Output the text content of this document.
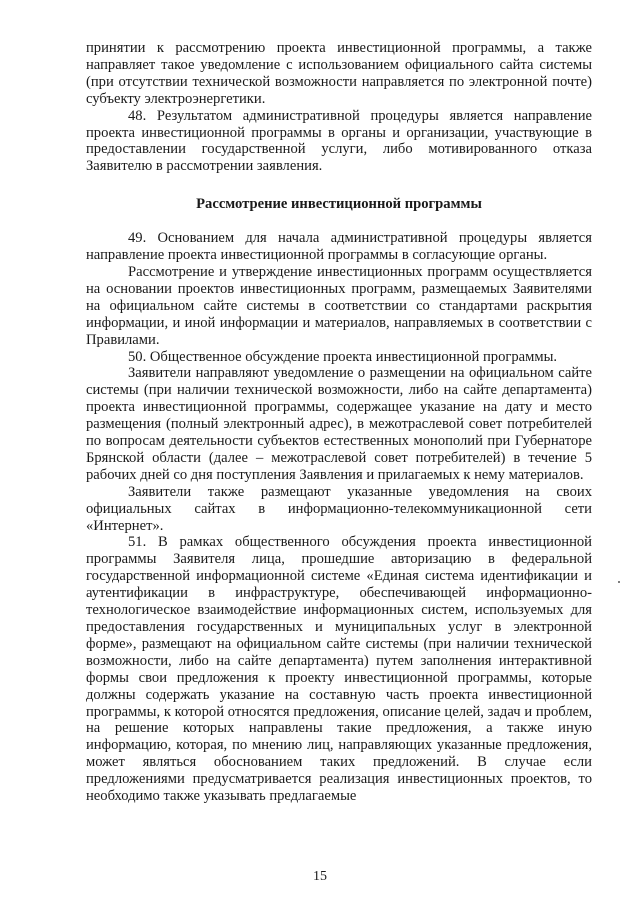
принятии к рассмотрению проекта инвестиционной программы, а также направляет такое уведомление с использованием официального сайта системы (при отсутствии технической возможности направляется по электронной почте) субъекту электроэнергетики.

48. Результатом административной процедуры является направление проекта инвестиционной программы в органы и организации, участвующие в предоставлении государственной услуги, либо мотивированного отказа Заявителю в рассмотрении заявления.

Рассмотрение инвестиционной программы

49. Основанием для начала административной процедуры является направление проекта инвестиционной программы в согласующие органы.

Рассмотрение и утверждение инвестиционных программ осуществляется на основании проектов инвестиционных программ, размещаемых Заявителями на официальном сайте системы в соответствии со стандартами раскрытия информации, и иной информации и материалов, направляемых в соответствии с Правилами.

50. Общественное обсуждение проекта инвестиционной программы.

Заявители направляют уведомление о размещении на официальном сайте системы (при наличии технической возможности, либо на сайте департамента) проекта инвестиционной программы, содержащее указание на дату и место размещения (полный электронный адрес), в межотраслевой совет потребителей по вопросам деятельности субъектов естественных монополий при Губернаторе Брянской области (далее – межотраслевой совет потребителей) в течение 5 рабочих дней со дня поступления Заявления и прилагаемых к нему материалов.

Заявители также размещают указанные уведомления на своих официальных сайтах в информационно-телекоммуникационной сети «Интернет».

51. В рамках общественного обсуждения проекта инвестиционной программы Заявителя лица, прошедшие авторизацию в федеральной государственной информационной системе «Единая система идентификации и аутентификации в инфраструктуре, обеспечивающей информационно-технологическое взаимодействие информационных систем, используемых для предоставления государственных и муниципальных услуг в электронной форме», размещают на официальном сайте системы (при наличии технической возможности, либо на сайте департамента) путем заполнения интерактивной формы свои предложения к проекту инвестиционной программы, которые должны содержать указание на составную часть проекта инвестиционной программы, к которой относятся предложения, описание целей, задач и проблем, на решение которых направлены такие предложения, а также иную информацию, которая, по мнению лиц, направляющих указанные предложения, может являться обоснованием таких предложений. В случае если предложениями предусматривается реализация инвестиционных проектов, то необходимо также указывать предлагаемые

15
